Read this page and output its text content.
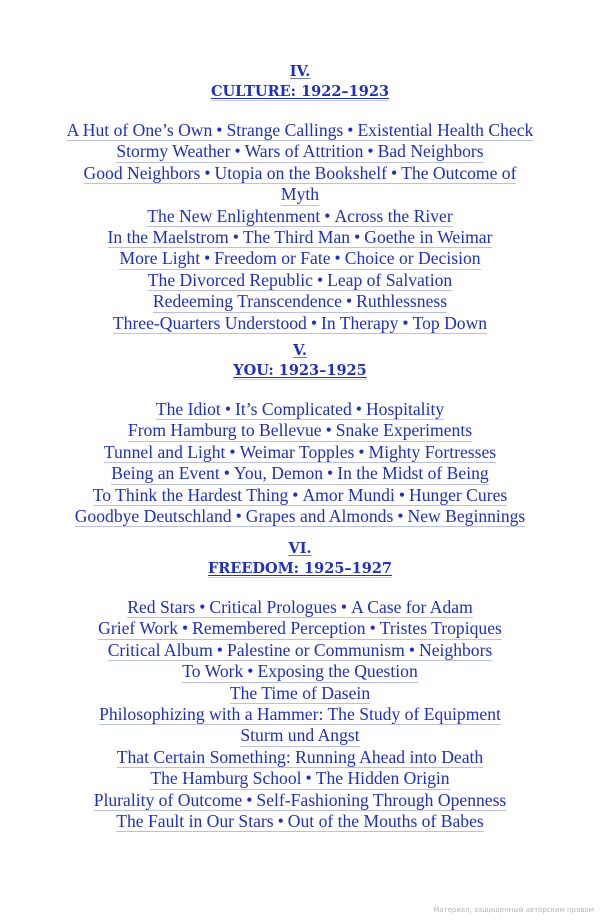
IV.
CULTURE: 1922–1923
A Hut of One’s Own • Strange Callings • Existential Health Check
Stormy Weather • Wars of Attrition • Bad Neighbors
Good Neighbors • Utopia on the Bookshelf • The Outcome of
Myth
The New Enlightenment • Across the River
In the Maelstrom • The Third Man • Goethe in Weimar
More Light • Freedom or Fate • Choice or Decision
The Divorced Republic • Leap of Salvation
Redeeming Transcendence • Ruthlessness
Three-Quarters Understood • In Therapy • Top Down
V.
YOU: 1923–1925
The Idiot • It’s Complicated • Hospitality
From Hamburg to Bellevue • Snake Experiments
Tunnel and Light • Weimar Topples • Mighty Fortresses
Being an Event • You, Demon • In the Midst of Being
To Think the Hardest Thing • Amor Mundi • Hunger Cures
Goodbye Deutschland • Grapes and Almonds • New Beginnings
VI.
FREEDOM: 1925–1927
Red Stars • Critical Prologues • A Case for Adam
Grief Work • Remembered Perception • Tristes Tropiques
Critical Album • Palestine or Communism • Neighbors
To Work • Exposing the Question
The Time of Dasein
Philosophizing with a Hammer: The Study of Equipment
Sturm und Angst
That Certain Something: Running Ahead into Death
The Hamburg School • The Hidden Origin
Plurality of Outcome • Self-Fashioning Through Openness
The Fault in Our Stars • Out of the Mouths of Babes
Материал, защищенный авторским правом
